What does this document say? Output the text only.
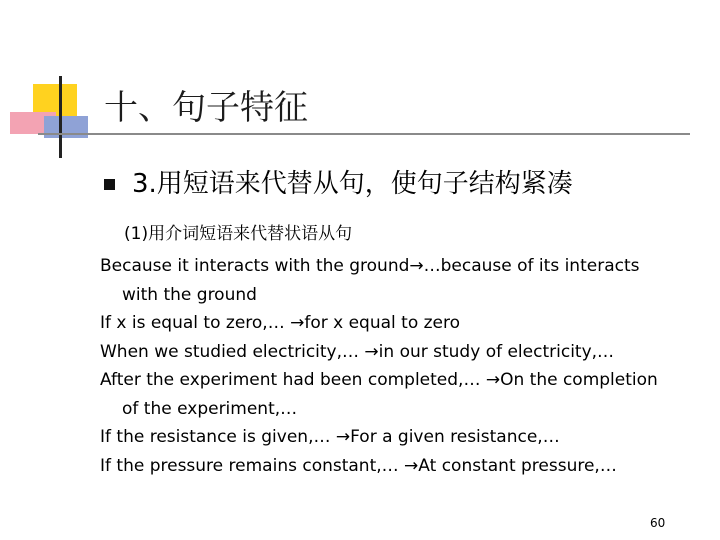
十、句子特征
3.用短语来代替从句，使句子结构紧凑
(1)用介词短语来代替状语从句
Because it interacts with the ground→…because of its interacts
with the ground
If x is equal to zero,… →for x equal to zero
When we studied electricity,… →in our study of electricity,…
After the experiment had been completed,… →On the completion
of the experiment,…
If the resistance is given,… →For a given resistance,…
If the pressure remains constant,… →At constant pressure,…
60
